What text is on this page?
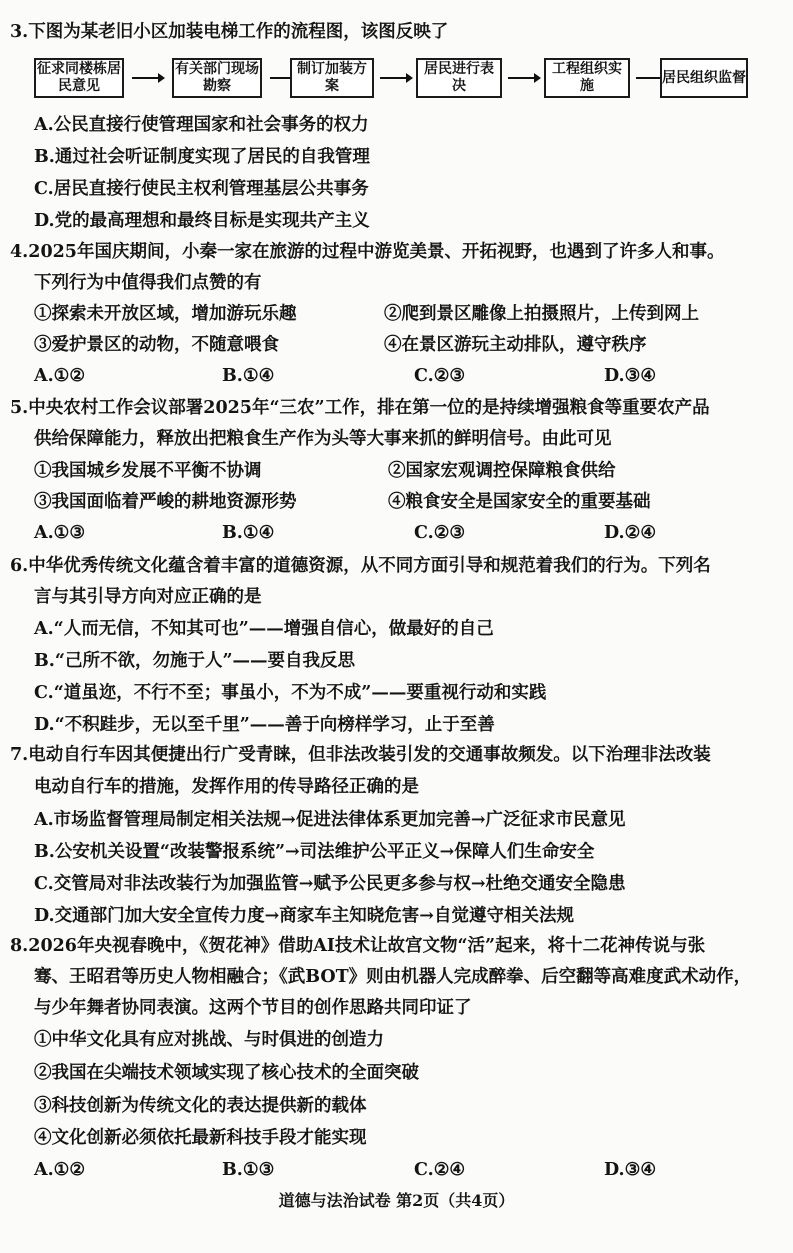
3.下图为某老旧小区加装电梯工作的流程图，该图反映了
征求同楼栋居民意见
有关部门现场勘察
制订加装方案
居民进行表决
工程组织实施
居民组织监督
A.公民直接行使管理国家和社会事务的权力
B.通过社会听证制度实现了居民的自我管理
C.居民直接行使民主权利管理基层公共事务
D.党的最高理想和最终目标是实现共产主义
4.2025年国庆期间，小秦一家在旅游的过程中游览美景、开拓视野，也遇到了许多人和事。
下列行为中值得我们点赞的有
①探索未开放区域，增加游玩乐趣	②爬到景区雕像上拍摄照片，上传到网上
③爱护景区的动物，不随意喂食	④在景区游玩主动排队，遵守秩序
A.①②	B.①④	C.②③	D.③④
5.中央农村工作会议部署2025年“三农”工作，排在第一位的是持续增强粮食等重要农产品
供给保障能力，释放出把粮食生产作为头等大事来抓的鲜明信号。由此可见
①我国城乡发展不平衡不协调	②国家宏观调控保障粮食供给
③我国面临着严峻的耕地资源形势	④粮食安全是国家安全的重要基础
A.①③	B.①④	C.②③	D.②④
6.中华优秀传统文化蕴含着丰富的道德资源，从不同方面引导和规范着我们的行为。下列名
言与其引导方向对应正确的是
A.“人而无信，不知其可也”——增强自信心，做最好的自己
B.“己所不欲，勿施于人”——要自我反思
C.“道虽迩，不行不至；事虽小，不为不成”——要重视行动和实践
D.“不积跬步，无以至千里”——善于向榜样学习，止于至善
7.电动自行车因其便捷出行广受青睐，但非法改装引发的交通事故频发。以下治理非法改装
电动自行车的措施，发挥作用的传导路径正确的是
A.市场监督管理局制定相关法规→促进法律体系更加完善→广泛征求市民意见
B.公安机关设置“改装警报系统”→司法维护公平正义→保障人们生命安全
C.交管局对非法改装行为加强监管→赋予公民更多参与权→杜绝交通安全隐患
D.交通部门加大安全宣传力度→商家车主知晓危害→自觉遵守相关法规
8.2026年央视春晚中，《贺花神》借助AI技术让故宫文物“活”起来，将十二花神传说与张
骞、王昭君等历史人物相融合；《武BOT》则由机器人完成醉拳、后空翻等高难度武术动作，
与少年舞者协同表演。这两个节目的创作思路共同印证了
①中华文化具有应对挑战、与时俱进的创造力
②我国在尖端技术领域实现了核心技术的全面突破
③科技创新为传统文化的表达提供新的载体
④文化创新必须依托最新科技手段才能实现
A.①②	B.①③	C.②④	D.③④
道德与法治试卷 第2页（共4页）
